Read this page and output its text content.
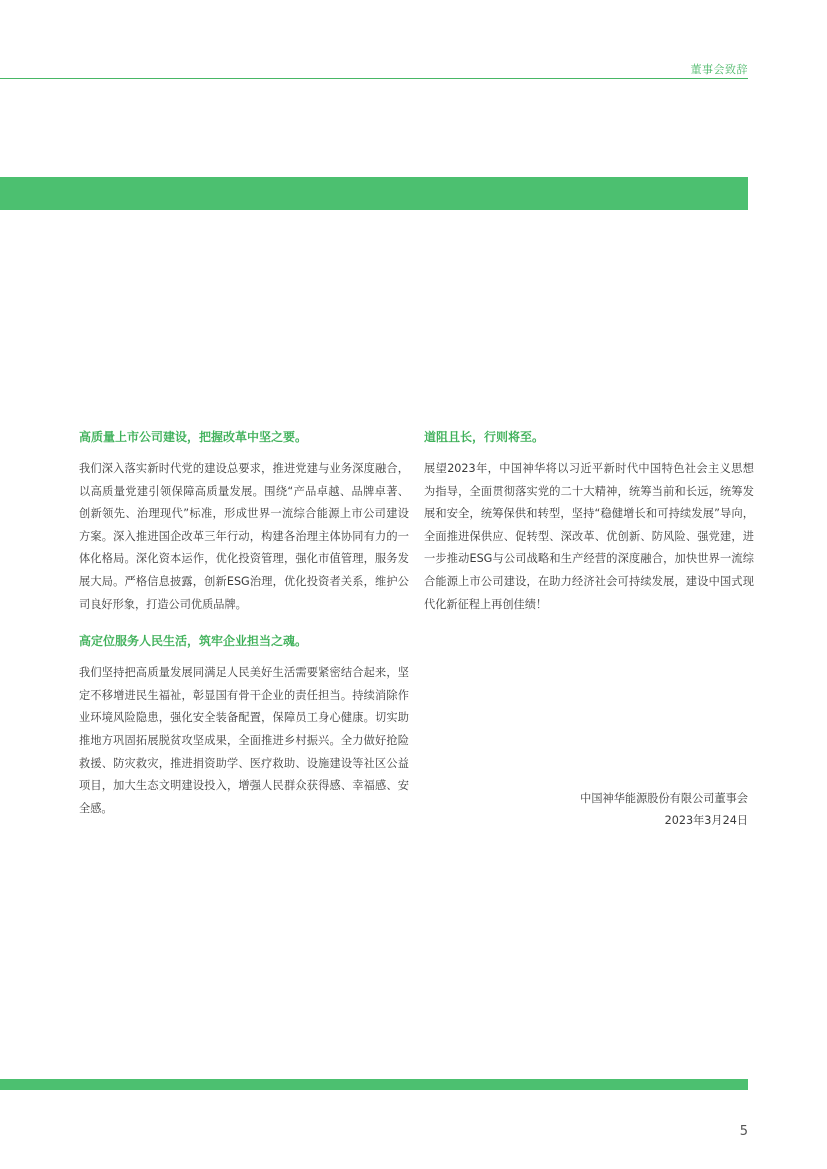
董事会致辞

高质量上市公司建设，把握改革中坚之要。

我们深入落实新时代党的建设总要求，推进党建与业务深度融合，以高质量党建引领保障高质量发展。围绕“产品卓越、品牌卓著、创新领先、治理现代”标准，形成世界一流综合能源上市公司建设方案。深入推进国企改革三年行动，构建各治理主体协同有力的一体化格局。深化资本运作，优化投资管理，强化市值管理，服务发展大局。严格信息披露，创新ESG治理，优化投资者关系，维护公司良好形象，打造公司优质品牌。

高定位服务人民生活，筑牢企业担当之魂。

我们坚持把高质量发展同满足人民美好生活需要紧密结合起来，坚定不移增进民生福祉，彰显国有骨干企业的责任担当。持续消除作业环境风险隐患，强化安全装备配置，保障员工身心健康。切实助推地方巩固拓展脱贫攻坚成果，全面推进乡村振兴。全力做好抢险救援、防灾救灾，推进捐资助学、医疗救助、设施建设等社区公益项目，加大生态文明建设投入，增强人民群众获得感、幸福感、安全感。

道阻且长，行则将至。

展望2023年，中国神华将以习近平新时代中国特色社会主义思想为指导，全面贯彻落实党的二十大精神，统筹当前和长远，统筹发展和安全，统筹保供和转型，坚持“稳健增长和可持续发展”导向，全面推进保供应、促转型、深改革、优创新、防风险、强党建，进一步推动ESG与公司战略和生产经营的深度融合，加快世界一流综合能源上市公司建设，在助力经济社会可持续发展，建设中国式现代化新征程上再创佳绩！

中国神华能源股份有限公司董事会
2023年3月24日
5
